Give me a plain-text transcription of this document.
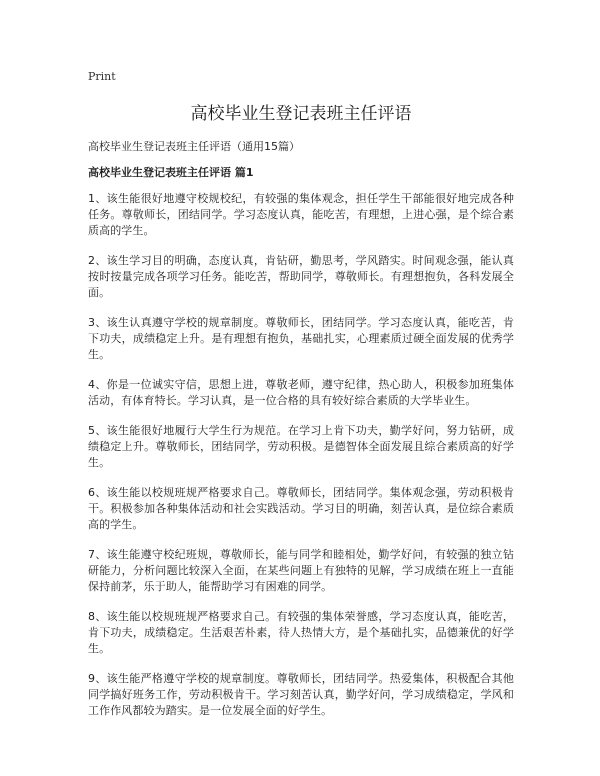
Print
高校毕业生登记表班主任评语
高校毕业生登记表班主任评语（通用15篇）
高校毕业生登记表班主任评语 篇1

1、该生能很好地遵守校规校纪，有较强的集体观念，担任学生干部能很好地完成各种任务。尊敬师长，团结同学。学习态度认真，能吃苦，有理想，上进心强，是个综合素质高的学生。

2、该生学习目的明确，态度认真，肯钻研，勤思考，学风踏实。时间观念强，能认真按时按量完成各项学习任务。能吃苦，帮助同学，尊敬师长。有理想抱负，各科发展全面。

3、该生认真遵守学校的规章制度。尊敬师长，团结同学。学习态度认真，能吃苦，肯下功夫，成绩稳定上升。是有理想有抱负，基础扎实，心理素质过硬全面发展的优秀学生。

4、你是一位诚实守信，思想上进，尊敬老师，遵守纪律，热心助人，积极参加班集体活动，有体育特长。学习认真，是一位合格的具有较好综合素质的大学毕业生。

5、该生能很好地履行大学生行为规范。在学习上肯下功夫，勤学好问，努力钻研，成绩稳定上升。尊敬师长，团结同学，劳动积极。是德智体全面发展且综合素质高的好学生。

6、该生能以校规班规严格要求自己。尊敬师长，团结同学。集体观念强，劳动积极肯干。积极参加各种集体活动和社会实践活动。学习目的明确，刻苦认真，是位综合素质高的学生。

7、该生能遵守校纪班规，尊敬师长，能与同学和睦相处，勤学好问，有较强的独立钻研能力，分析问题比较深入全面，在某些问题上有独特的见解，学习成绩在班上一直能保持前茅，乐于助人，能帮助学习有困难的同学。

8、该生能以校规班规严格要求自己。有较强的集体荣誉感，学习态度认真，能吃苦，肯下功夫，成绩稳定。生活艰苦朴素，待人热情大方，是个基础扎实，品德兼优的好学生。

9、该生能严格遵守学校的规章制度。尊敬师长，团结同学。热爱集体，积极配合其他同学搞好班务工作，劳动积极肯干。学习刻苦认真，勤学好问，学习成绩稳定，学风和工作作风都较为踏实。是一位发展全面的好学生。
